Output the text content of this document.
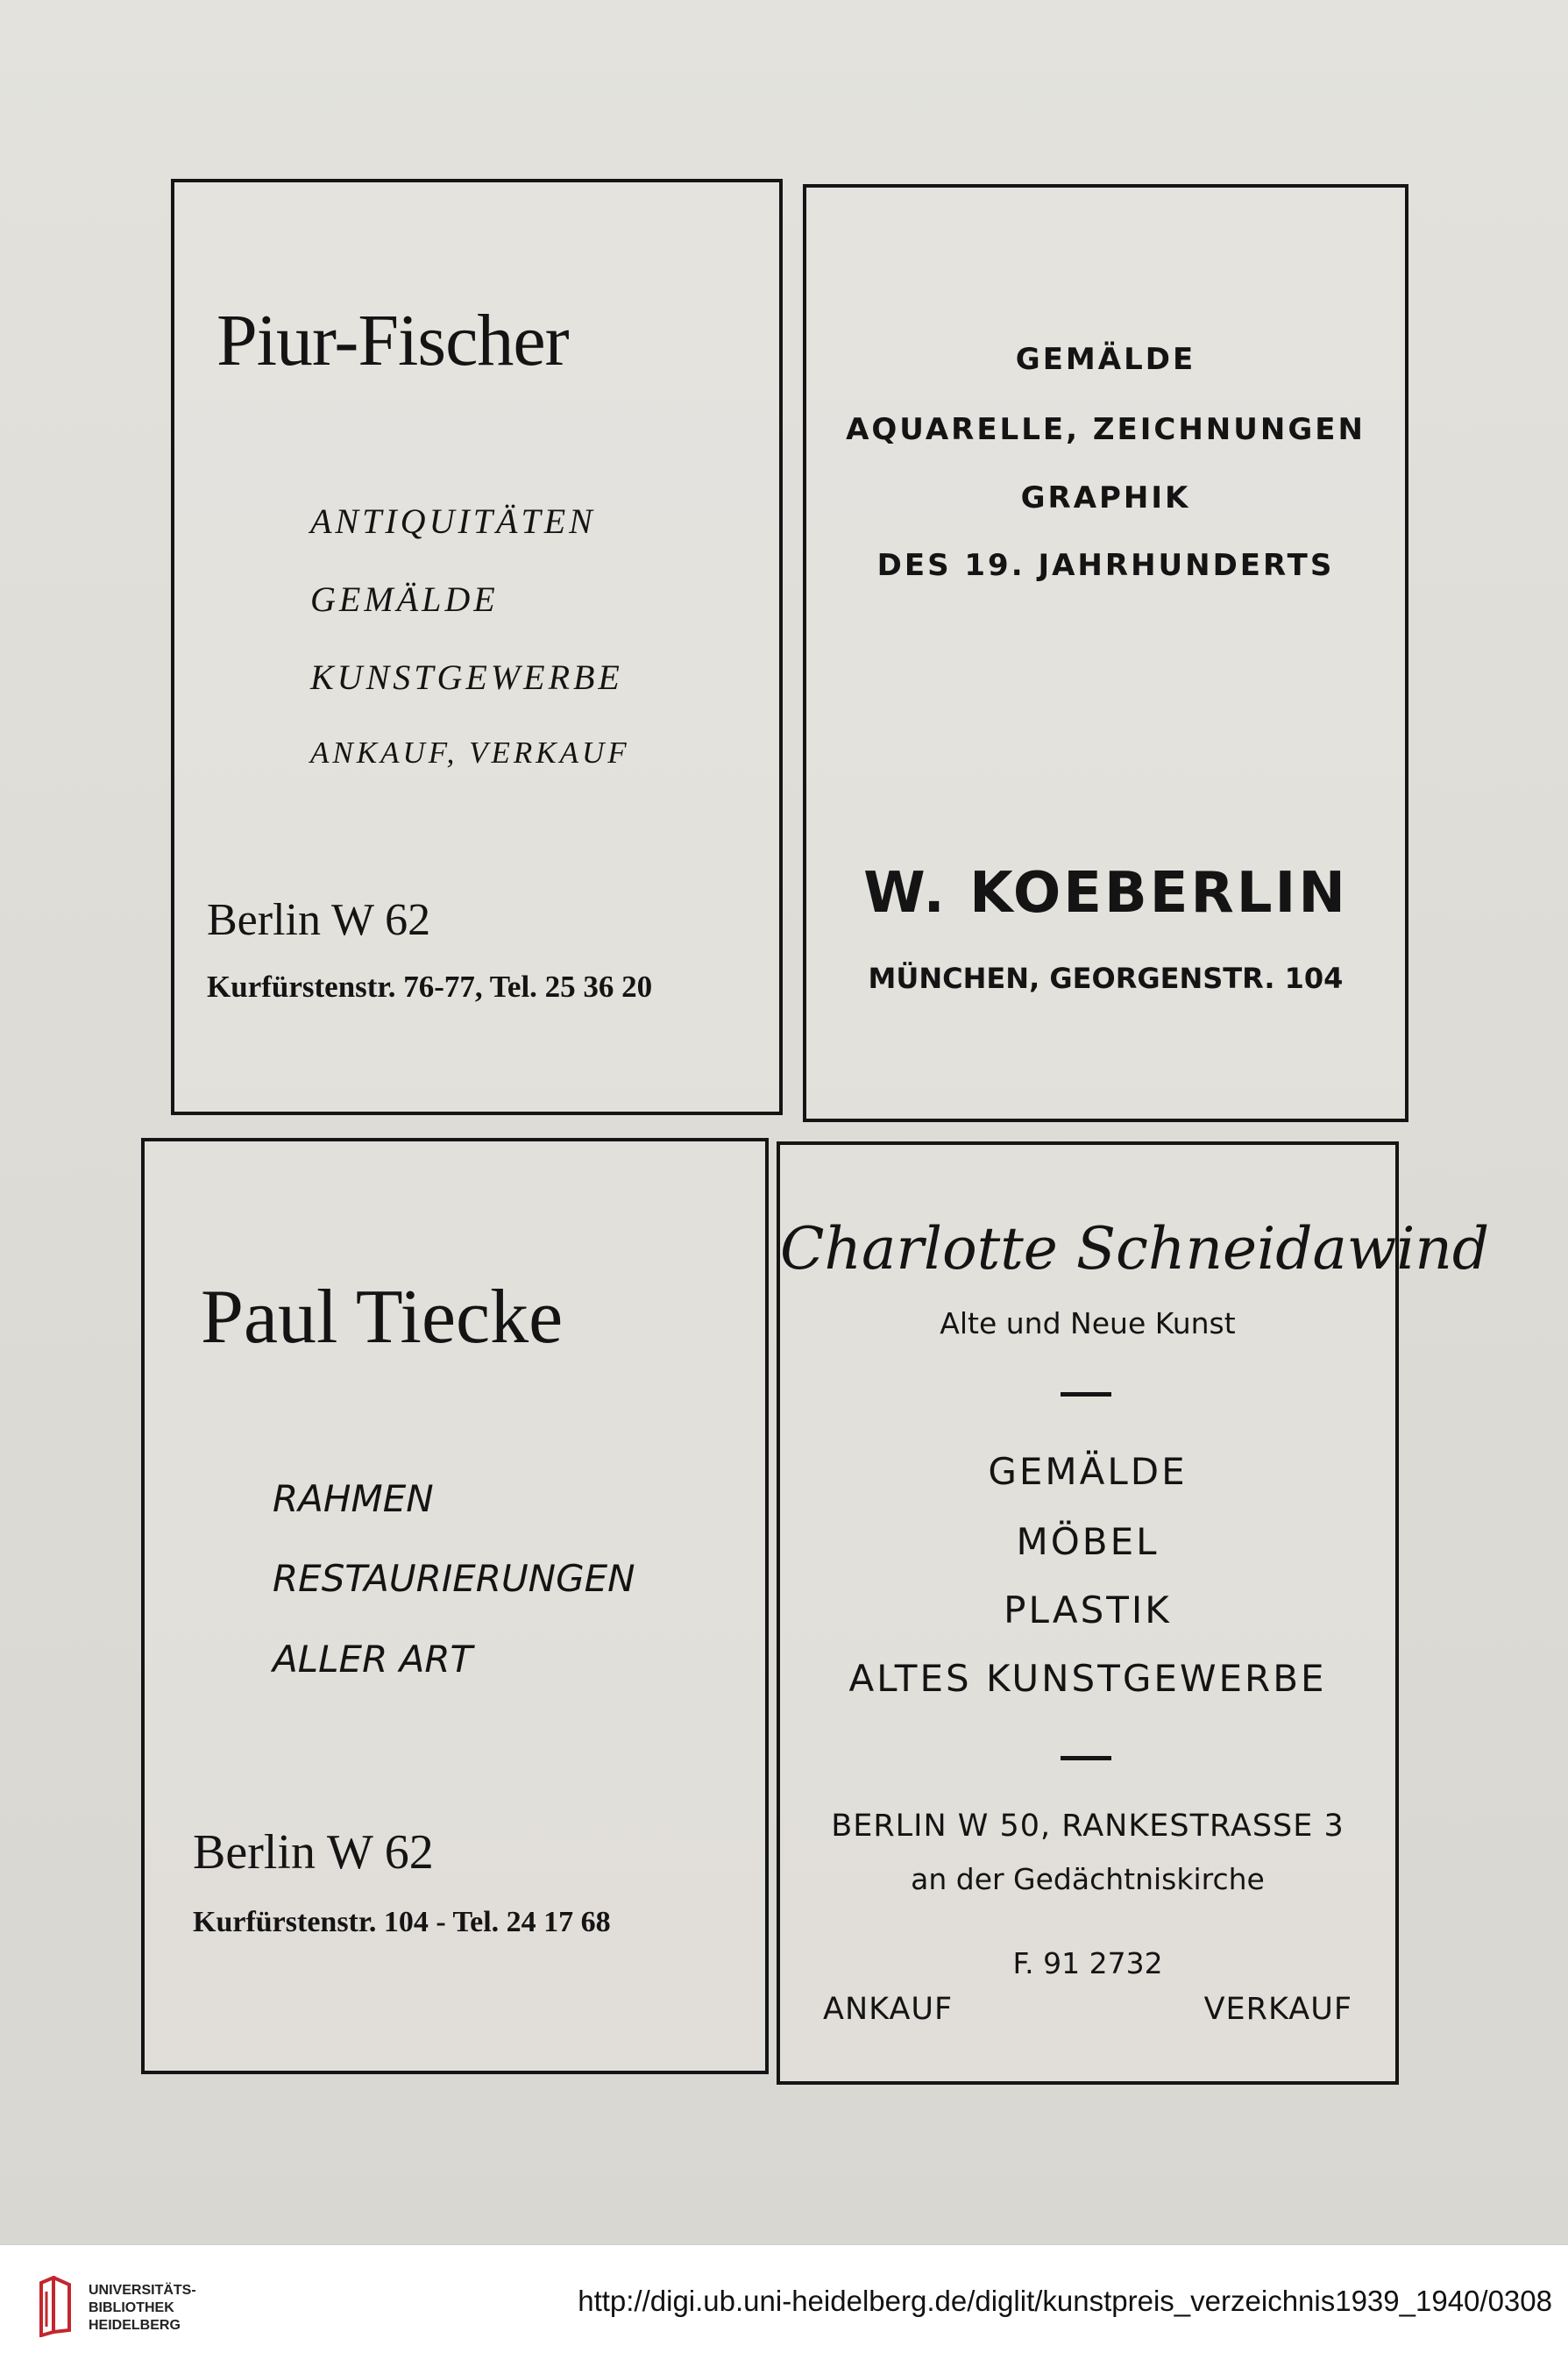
Piur-Fischer
ANTIQUITÄTEN
GEMÄLDE
KUNSTGEWERBE
ANKAUF, VERKAUF
Berlin W 62
Kurfürstenstr. 76-77, Tel. 25 36 20
GEMÄLDE
AQUARELLE, ZEICHNUNGEN
GRAPHIK
DES 19. JAHRHUNDERTS
W. KOEBERLIN
MÜNCHEN, GEORGENSTR. 104
Paul Tiecke
RAHMEN
RESTAURIERUNGEN
ALLER ART
Berlin W 62
Kurfürstenstr. 104 - Tel. 24 17 68
Charlotte Schneidawind
Alte und Neue Kunst
GEMÄLDE
MÖBEL
PLASTIK
ALTES KUNSTGEWERBE
BERLIN W 50, RANKESTRASSE 3
an der Gedächtniskirche
F. 91 2732
ANKAUF	VERKAUF
UNIVERSITÄTS-
BIBLIOTHEK
HEIDELBERG
http://digi.ub.uni-heidelberg.de/diglit/kunstpreis_verzeichnis1939_1940/0308
